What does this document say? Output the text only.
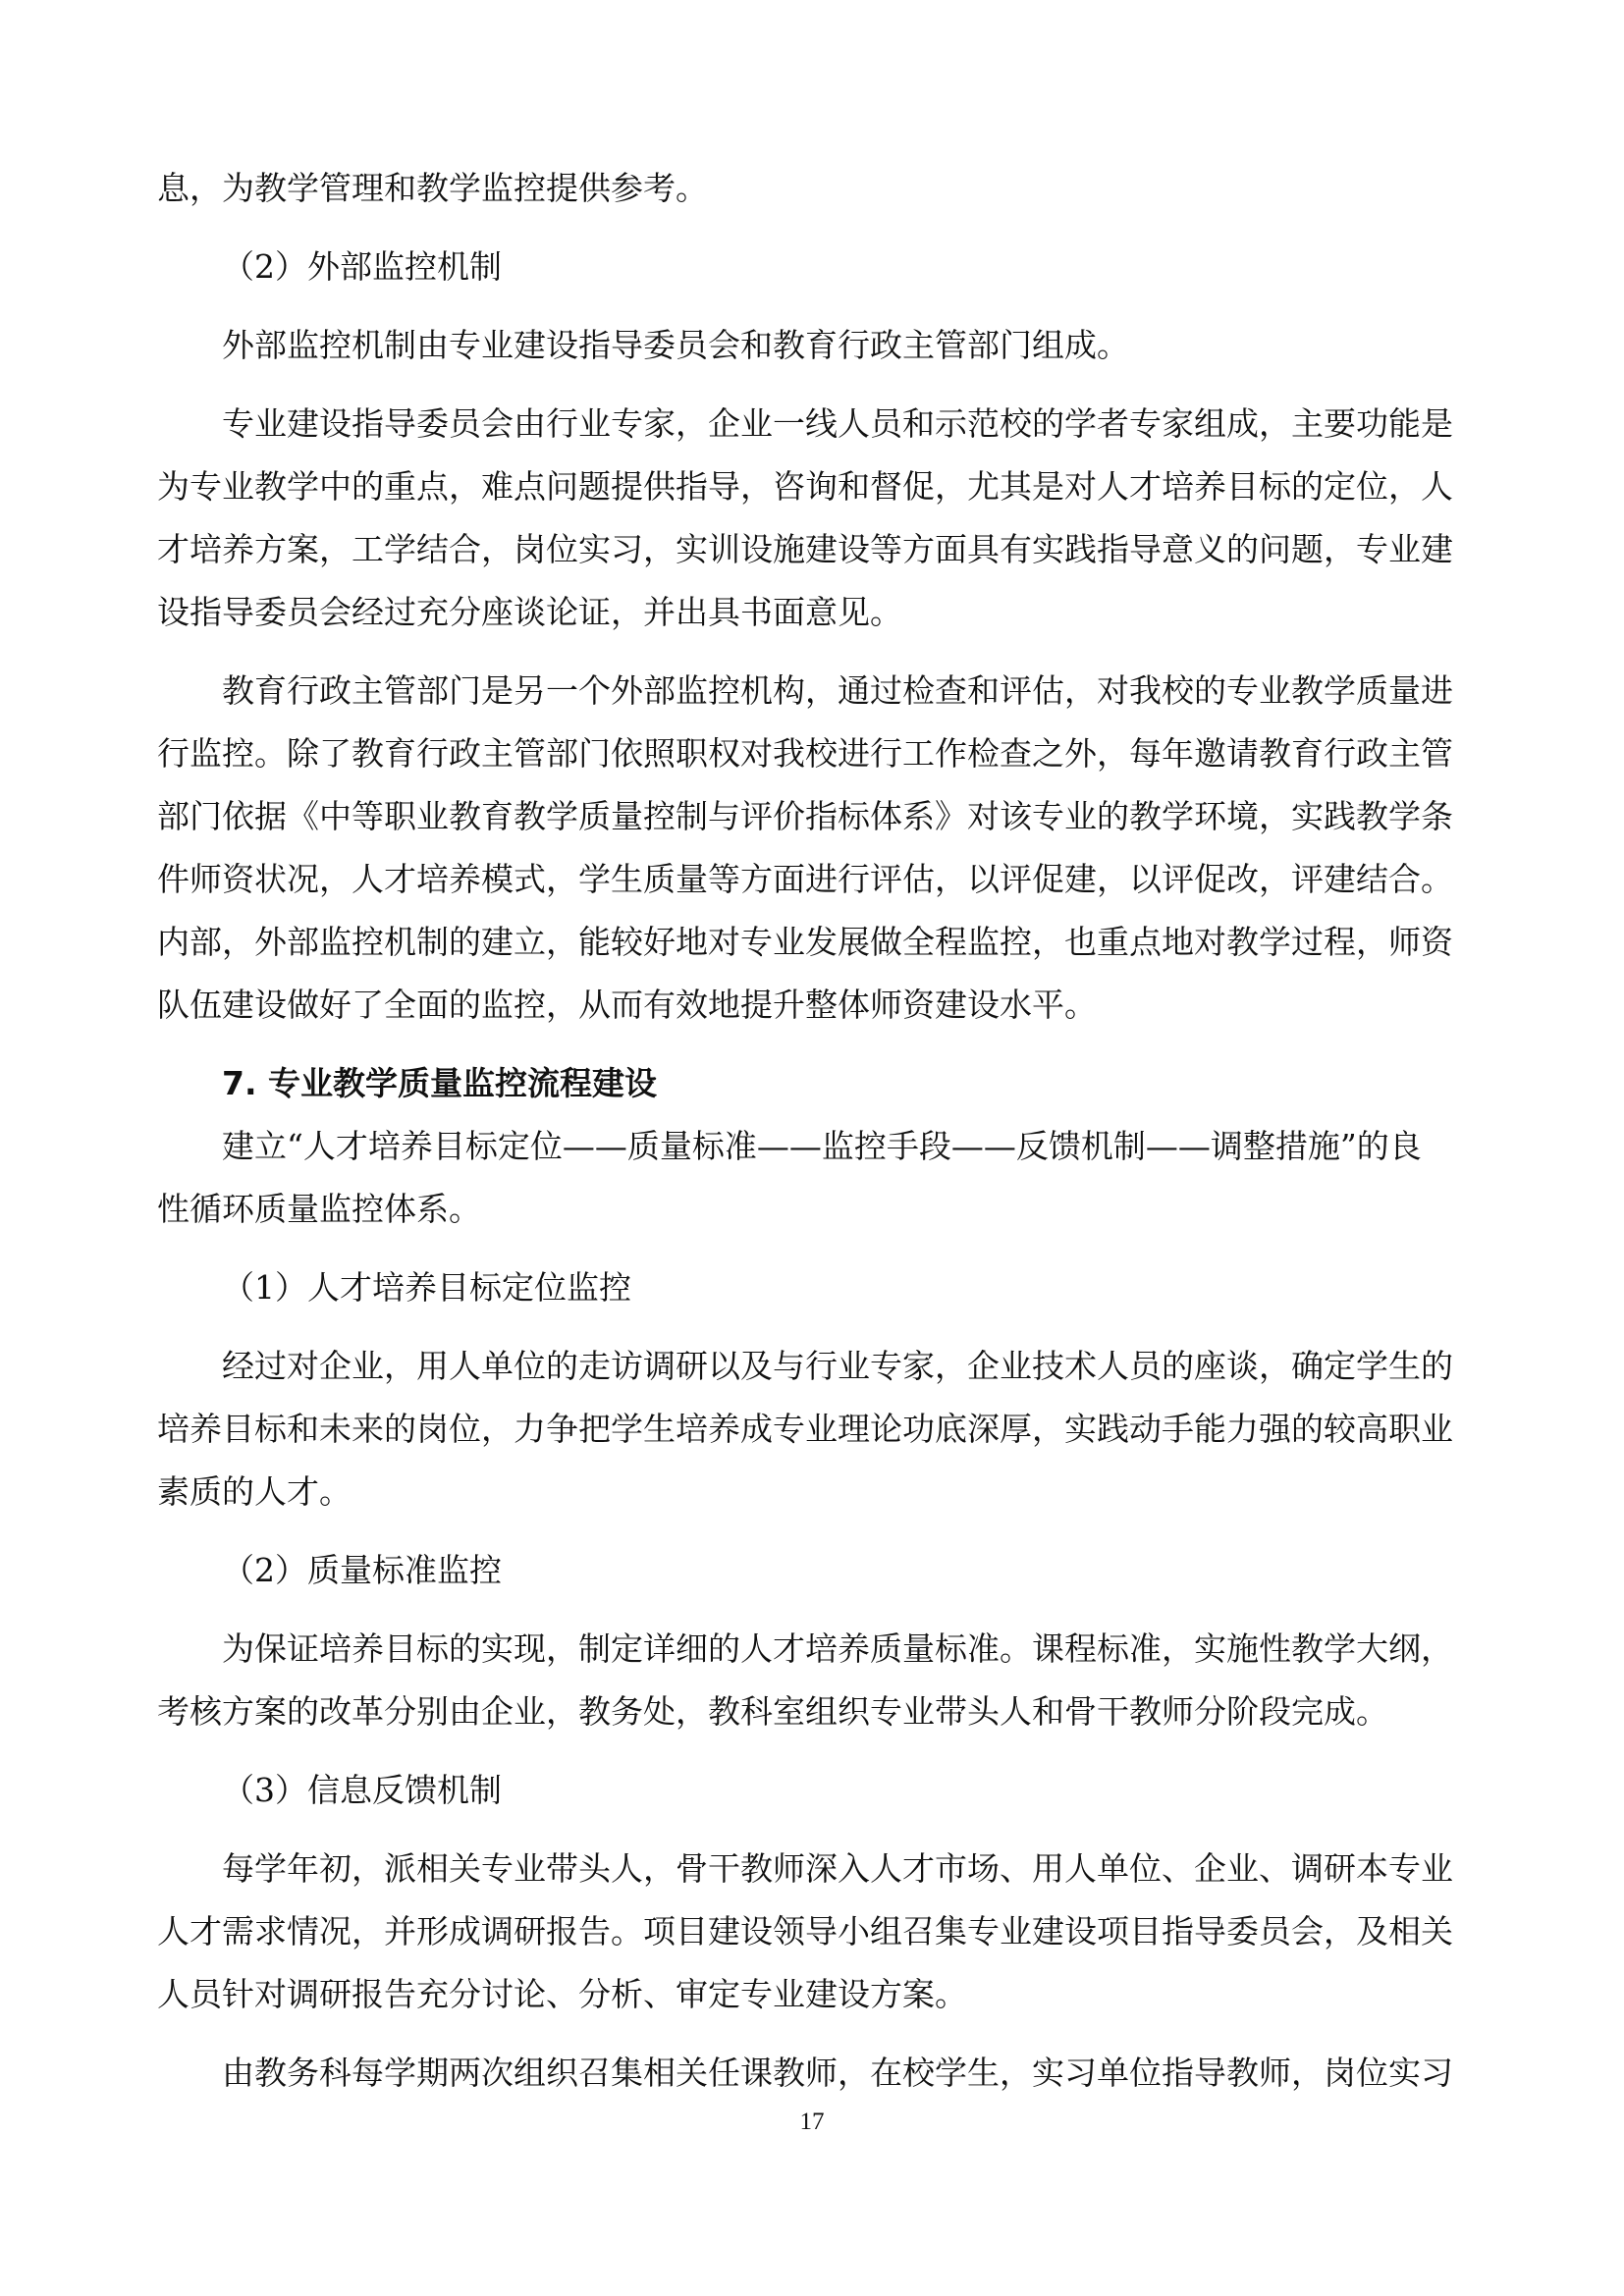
息，为教学管理和教学监控提供参考。
（2）外部监控机制
外部监控机制由专业建设指导委员会和教育行政主管部门组成。
专业建设指导委员会由行业专家，企业一线人员和示范校的学者专家组成，主要功能是
为专业教学中的重点，难点问题提供指导，咨询和督促，尤其是对人才培养目标的定位，人
才培养方案，工学结合，岗位实习，实训设施建设等方面具有实践指导意义的问题，专业建
设指导委员会经过充分座谈论证，并出具书面意见。
教育行政主管部门是另一个外部监控机构，通过检查和评估，对我校的专业教学质量进
行监控。除了教育行政主管部门依照职权对我校进行工作检查之外，每年邀请教育行政主管
部门依据《中等职业教育教学质量控制与评价指标体系》对该专业的教学环境，实践教学条
件师资状况，人才培养模式，学生质量等方面进行评估，以评促建，以评促改，评建结合。
内部，外部监控机制的建立，能较好地对专业发展做全程监控，也重点地对教学过程，师资
队伍建设做好了全面的监控，从而有效地提升整体师资建设水平。
7. 专业教学质量监控流程建设
建立“人才培养目标定位——质量标准——监控手段——反馈机制——调整措施”的良
性循环质量监控体系。
（1）人才培养目标定位监控
经过对企业，用人单位的走访调研以及与行业专家，企业技术人员的座谈，确定学生的
培养目标和未来的岗位，力争把学生培养成专业理论功底深厚，实践动手能力强的较高职业
素质的人才。
（2）质量标准监控
为保证培养目标的实现，制定详细的人才培养质量标准。课程标准，实施性教学大纲，
考核方案的改革分别由企业，教务处，教科室组织专业带头人和骨干教师分阶段完成。
（3）信息反馈机制
每学年初，派相关专业带头人，骨干教师深入人才市场、用人单位、企业、调研本专业
人才需求情况，并形成调研报告。项目建设领导小组召集专业建设项目指导委员会，及相关
人员针对调研报告充分讨论、分析、审定专业建设方案。
由教务科每学期两次组织召集相关任课教师，在校学生，实习单位指导教师，岗位实习
17
